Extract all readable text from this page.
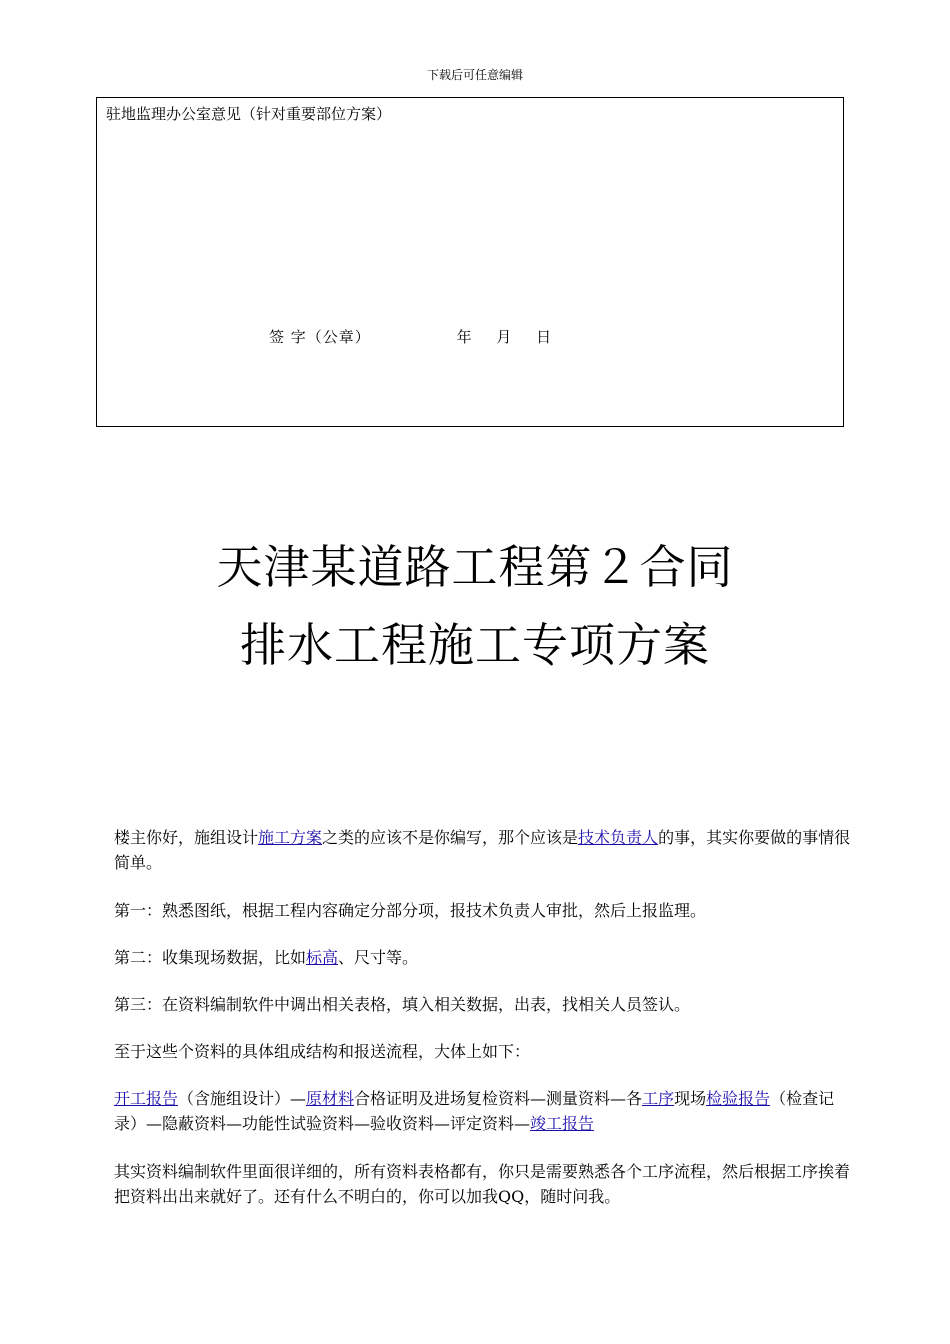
下载后可任意编辑
驻地监理办公室意见（针对重要部位方案）
签 字（公章）	年 月 日
天津某道路工程第２合同
排水工程施工专项方案
楼主你好，施组设计施工方案之类的应该不是你编写，那个应该是技术负责人的事，其实你要做的事情很简单。
第一：熟悉图纸，根据工程内容确定分部分项，报技术负责人审批，然后上报监理。
第二：收集现场数据，比如标高、尺寸等。
第三：在资料编制软件中调出相关表格，填入相关数据，出表，找相关人员签认。
至于这些个资料的具体组成结构和报送流程，大体上如下：
开工报告（含施组设计）—原材料合格证明及进场复检资料—测量资料—各工序现场检验报告（检查记录）—隐蔽资料—功能性试验资料—验收资料—评定资料—竣工报告
其实资料编制软件里面很详细的，所有资料表格都有，你只是需要熟悉各个工序流程，然后根据工序挨着把资料出出来就好了。还有什么不明白的，你可以加我QQ，随时问我。
